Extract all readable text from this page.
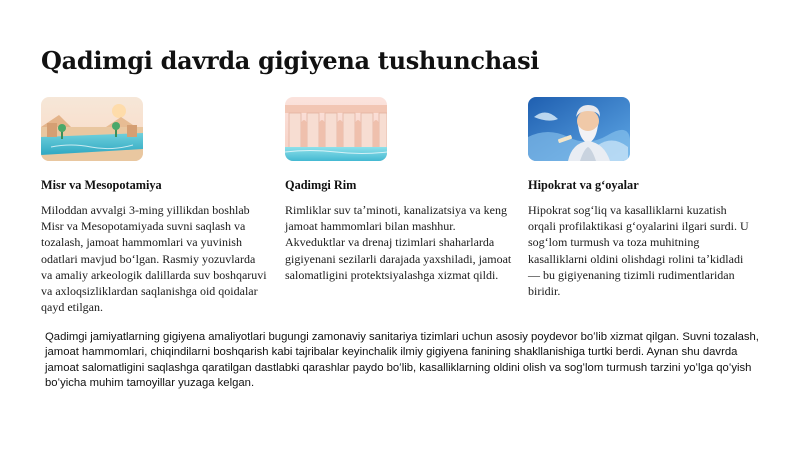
Qadimgi davrda gigiyena tushunchasi

Misr va Mesopotamiya

Miloddan avvalgi 3-ming yillikdan boshlab Misr va Mesopotamiyada suvni saqlash va tozalash, jamoat hammomlari va yuvinish odatlari mavjud boʻlgan. Rasmiy yozuvlarda va amaliy arkeologik dalillarda suv boshqaruvi va axloqsizliklardan saqlanishga oid qoidalar qayd etilgan.

Qadimgi Rim

Rimliklar suv taʼminoti, kanalizatsiya va keng jamoat hammomlari bilan mashhur. Akveduktlar va drenaj tizimlari shaharlarda gigiyenani sezilarli darajada yaxshiladi, jamoat salomatligini protektsiyalashga xizmat qildi.

Hipokrat va gʻoyalar

Hipokrat sogʻliq va kasalliklarni kuzatish orqali profilaktikasi gʻoyalarini ilgari surdi. U sogʻlom turmush va toza muhitning kasalliklarni oldini olishdagi rolini taʼkidladi — bu gigiyenaning tizimli rudimentlaridan biridir.

Qadimgi jamiyatlarning gigiyena amaliyotlari bugungi zamonaviy sanitariya tizimlari uchun asosiy poydevor boʻlib xizmat qilgan. Suvni tozalash, jamoat hammomlari, chiqindilarni boshqarish kabi tajribalar keyinchalik ilmiy gigiyena fanining shakllanishiga turtki berdi. Aynan shu davrda jamoat salomatligini saqlashga qaratilgan dastlabki qarashlar paydo boʻlib, kasalliklarning oldini olish va sogʻlom turmush tarzini yoʻlga qoʻyish boʻyicha muhim tamoyillar yuzaga kelgan.
